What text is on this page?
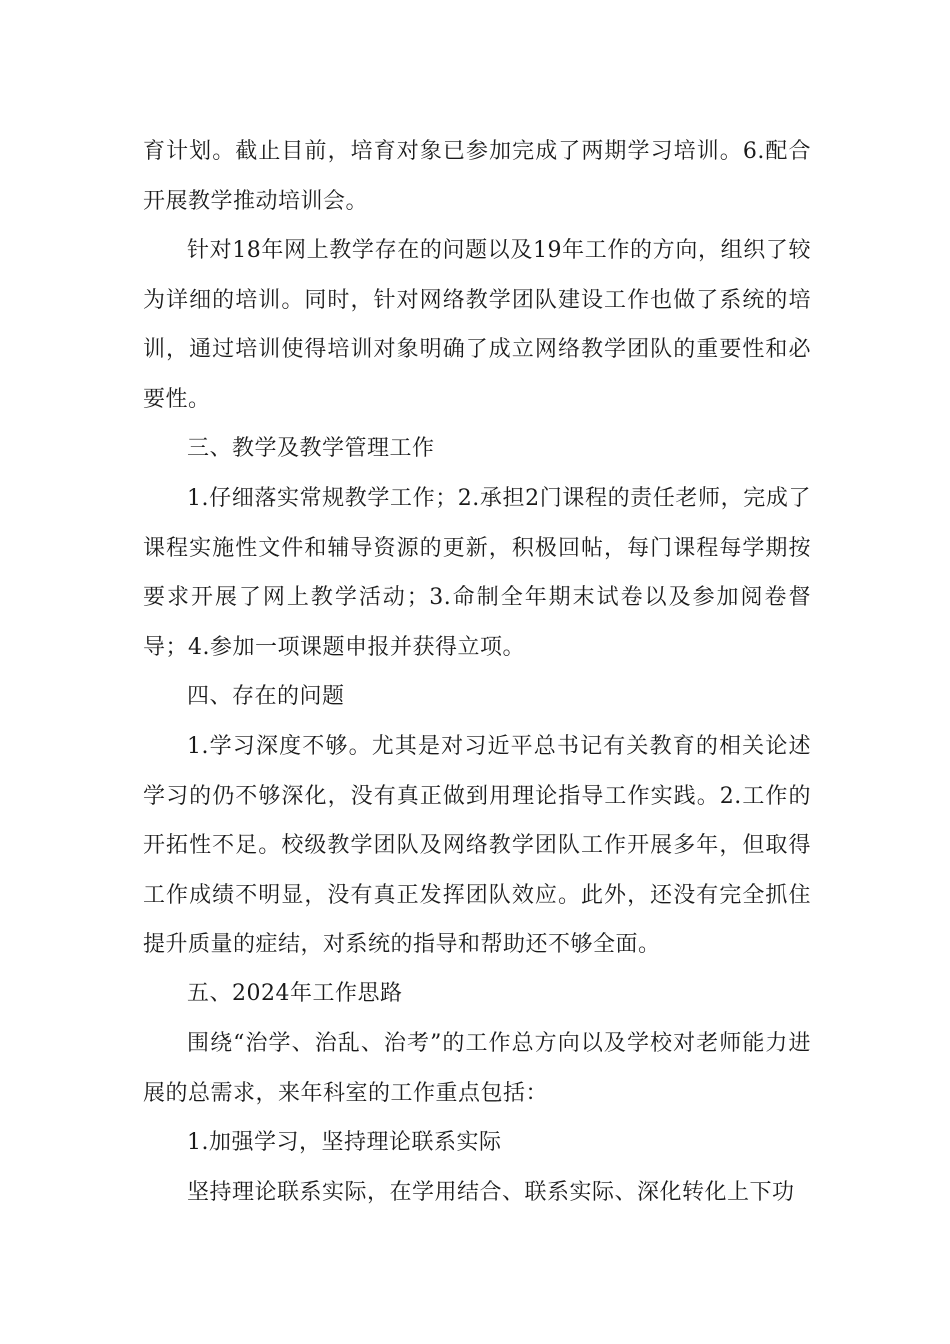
育计划。截止目前，培育对象已参加完成了两期学习培训。6.配合开展教学推动培训会。

针对18年网上教学存在的问题以及19年工作的方向，组织了较为详细的培训。同时，针对网络教学团队建设工作也做了系统的培训，通过培训使得培训对象明确了成立网络教学团队的重要性和必要性。

三、教学及教学管理工作

1.仔细落实常规教学工作；2.承担2门课程的责任老师，完成了课程实施性文件和辅导资源的更新，积极回帖，每门课程每学期按要求开展了网上教学活动；3.命制全年期末试卷以及参加阅卷督导；4.参加一项课题申报并获得立项。

四、存在的问题

1.学习深度不够。尤其是对习近平总书记有关教育的相关论述学习的仍不够深化，没有真正做到用理论指导工作实践。2.工作的开拓性不足。校级教学团队及网络教学团队工作开展多年，但取得工作成绩不明显，没有真正发挥团队效应。此外，还没有完全抓住提升质量的症结，对系统的指导和帮助还不够全面。

五、2024年工作思路

围绕“治学、治乱、治考”的工作总方向以及学校对老师能力进展的总需求，来年科室的工作重点包括：

1.加强学习，坚持理论联系实际

坚持理论联系实际，在学用结合、联系实际、深化转化上下功
